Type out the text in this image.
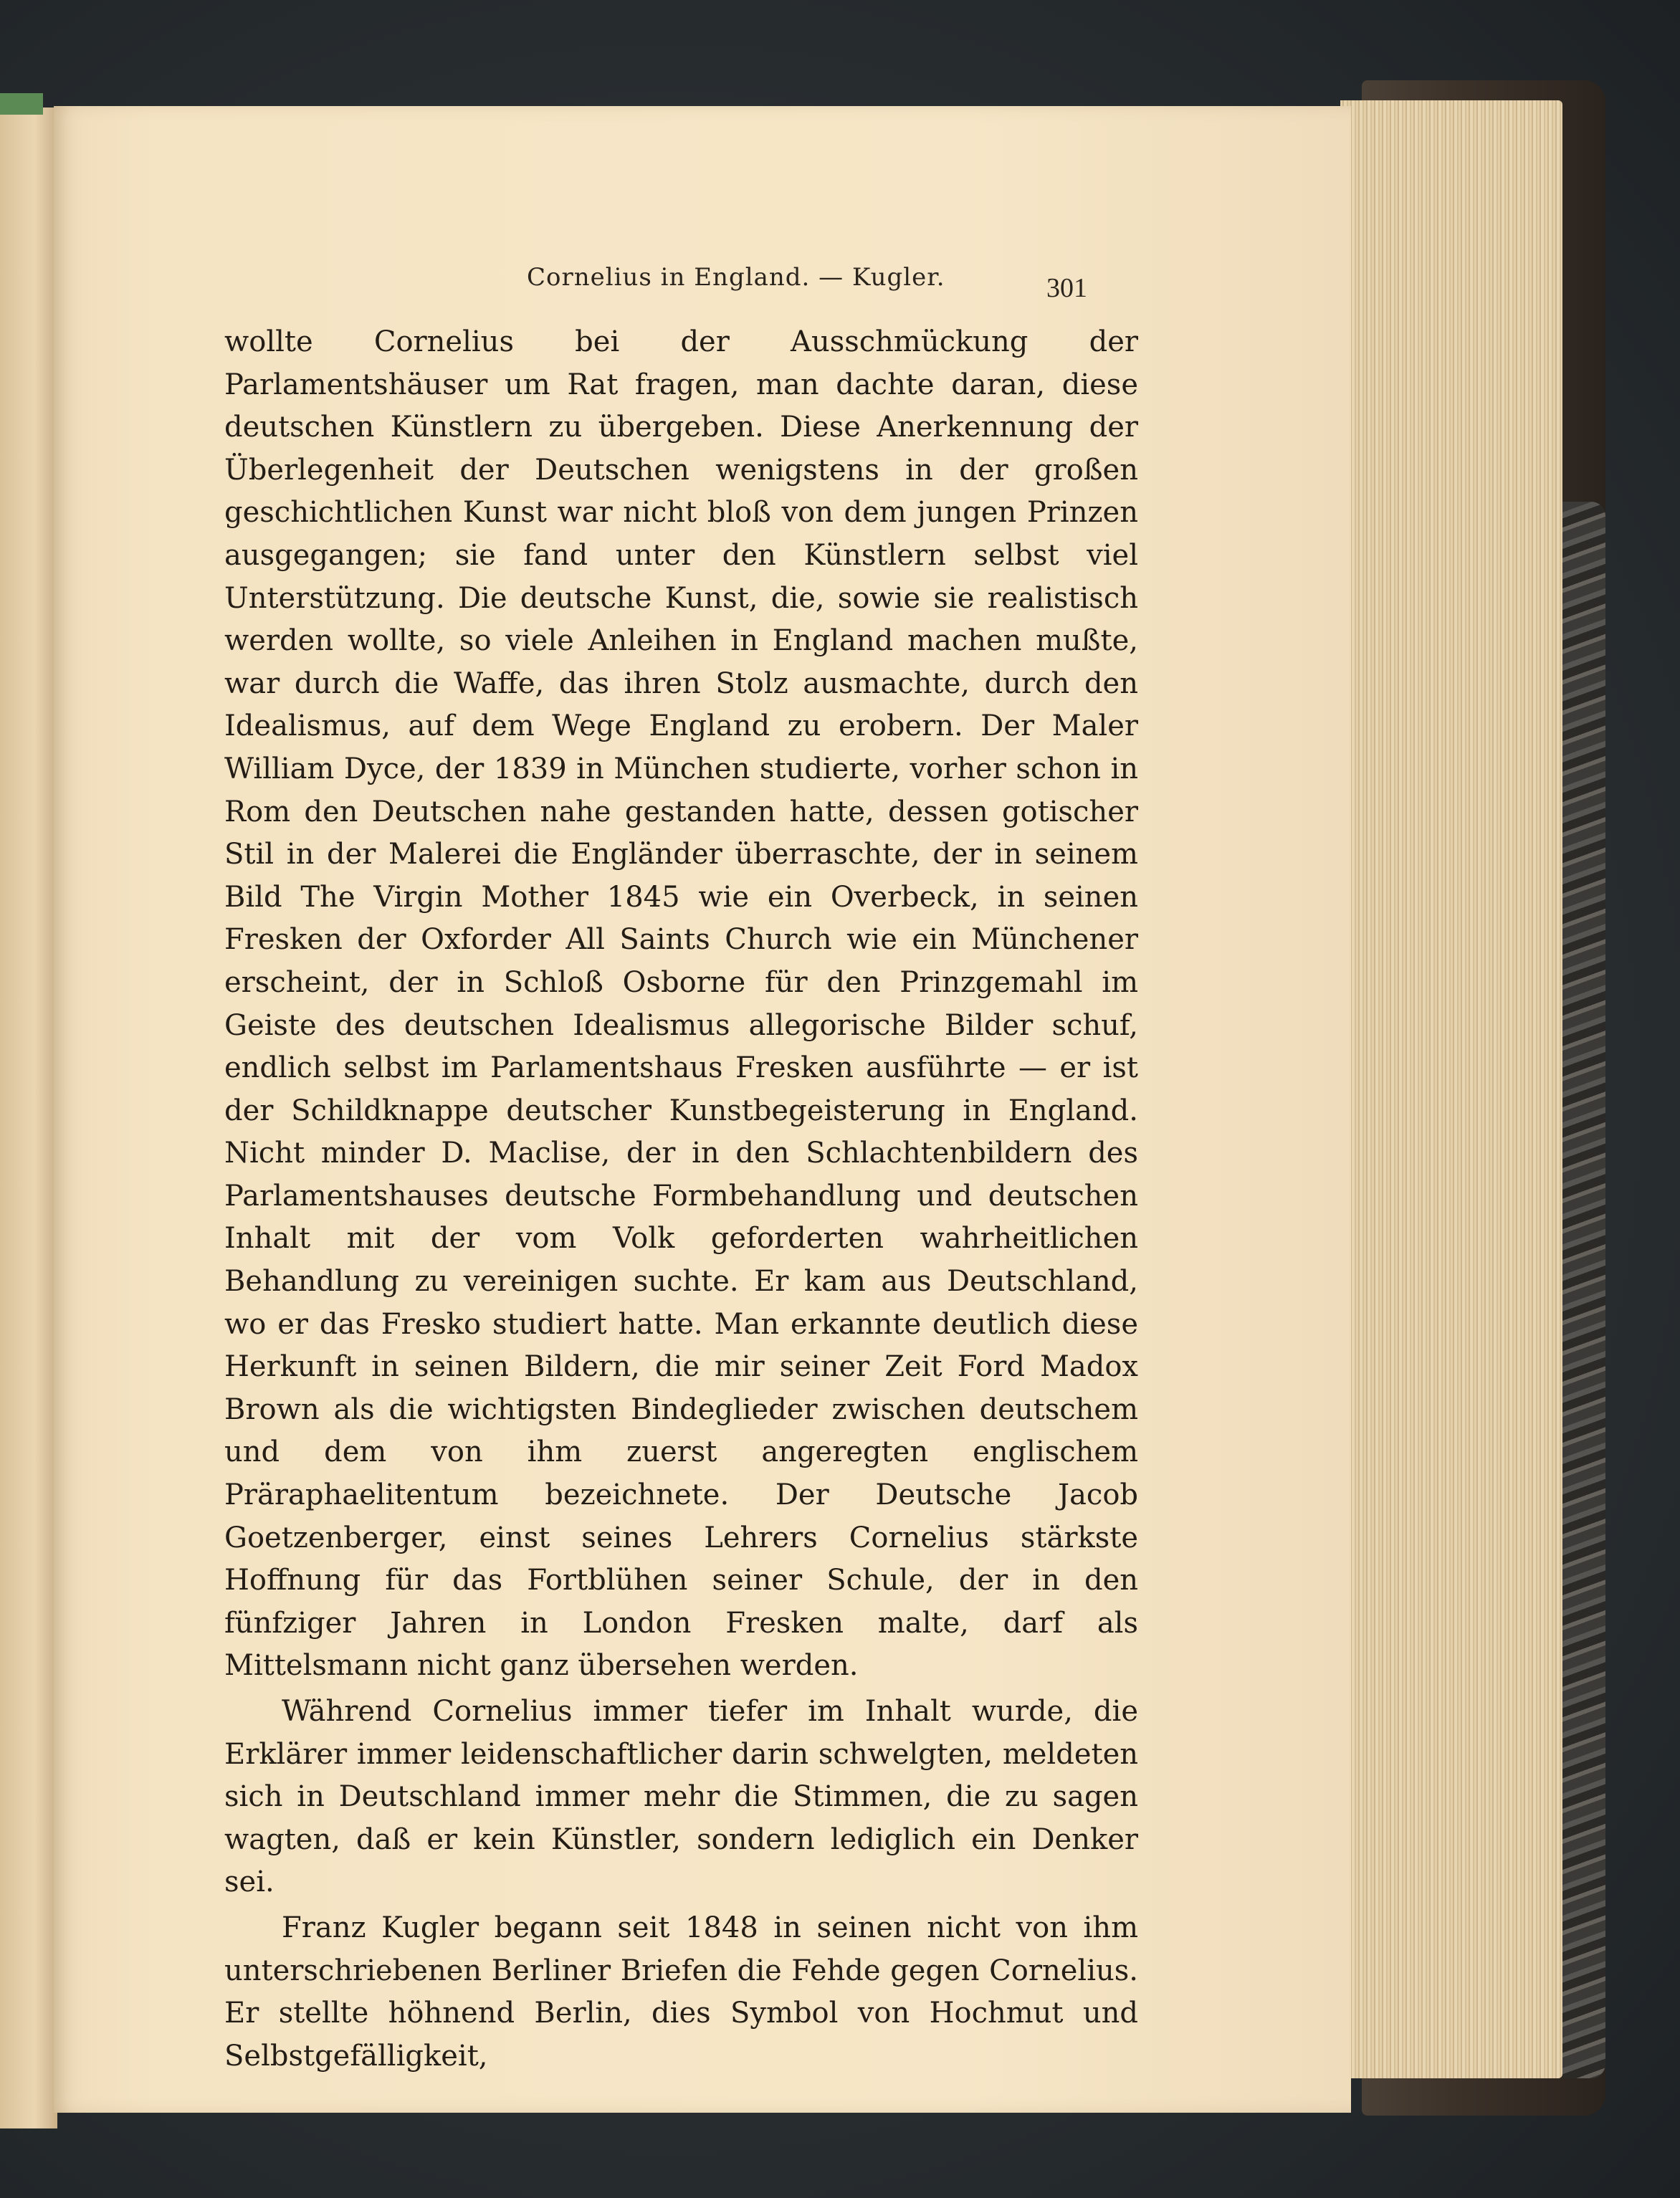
Cornelius in England. — Kugler.	301

wollte Cornelius bei der Ausschmückung der Parlamentshäuser um Rat fragen, man dachte daran, diese deutschen Künstlern zu übergeben. Diese Anerkennung der Überlegenheit der Deutschen wenigstens in der großen geschichtlichen Kunst war nicht bloß von dem jungen Prinzen ausgegangen; sie fand unter den Künstlern selbst viel Unterstützung. Die deutsche Kunst, die, sowie sie realistisch werden wollte, so viele Anleihen in England machen mußte, war durch die Waffe, das ihren Stolz ausmachte, durch den Idealismus, auf dem Wege England zu erobern. Der Maler William Dyce, der 1839 in München studierte, vorher schon in Rom den Deutschen nahe gestanden hatte, dessen gotischer Stil in der Malerei die Engländer überraschte, der in seinem Bild The Virgin Mother 1845 wie ein Overbeck, in seinen Fresken der Oxforder All Saints Church wie ein Münchener erscheint, der in Schloß Osborne für den Prinzgemahl im Geiste des deutschen Idealismus allegorische Bilder schuf, endlich selbst im Parlamentshaus Fresken ausführte — er ist der Schildknappe deutscher Kunstbegeisterung in England. Nicht minder D. Maclise, der in den Schlachtenbildern des Parlamentshauses deutsche Formbehandlung und deutschen Inhalt mit der vom Volk geforderten wahrheitlichen Behandlung zu vereinigen suchte. Er kam aus Deutschland, wo er das Fresko studiert hatte. Man erkannte deutlich diese Herkunft in seinen Bildern, die mir seiner Zeit Ford Madox Brown als die wichtigsten Bindeglieder zwischen deutschem und dem von ihm zuerst angeregten englischem Präraphaelitentum bezeichnete. Der Deutsche Jacob Goetzenberger, einst seines Lehrers Cornelius stärkste Hoffnung für das Fortblühen seiner Schule, der in den fünfziger Jahren in London Fresken malte, darf als Mittelsmann nicht ganz übersehen werden.

Während Cornelius immer tiefer im Inhalt wurde, die Erklärer immer leidenschaftlicher darin schwelgten, meldeten sich in Deutschland immer mehr die Stimmen, die zu sagen wagten, daß er kein Künstler, sondern lediglich ein Denker sei.

Franz Kugler begann seit 1848 in seinen nicht von ihm unterschriebenen Berliner Briefen die Fehde gegen Cornelius. Er stellte höhnend Berlin, dies Symbol von Hochmut und Selbstgefälligkeit,
